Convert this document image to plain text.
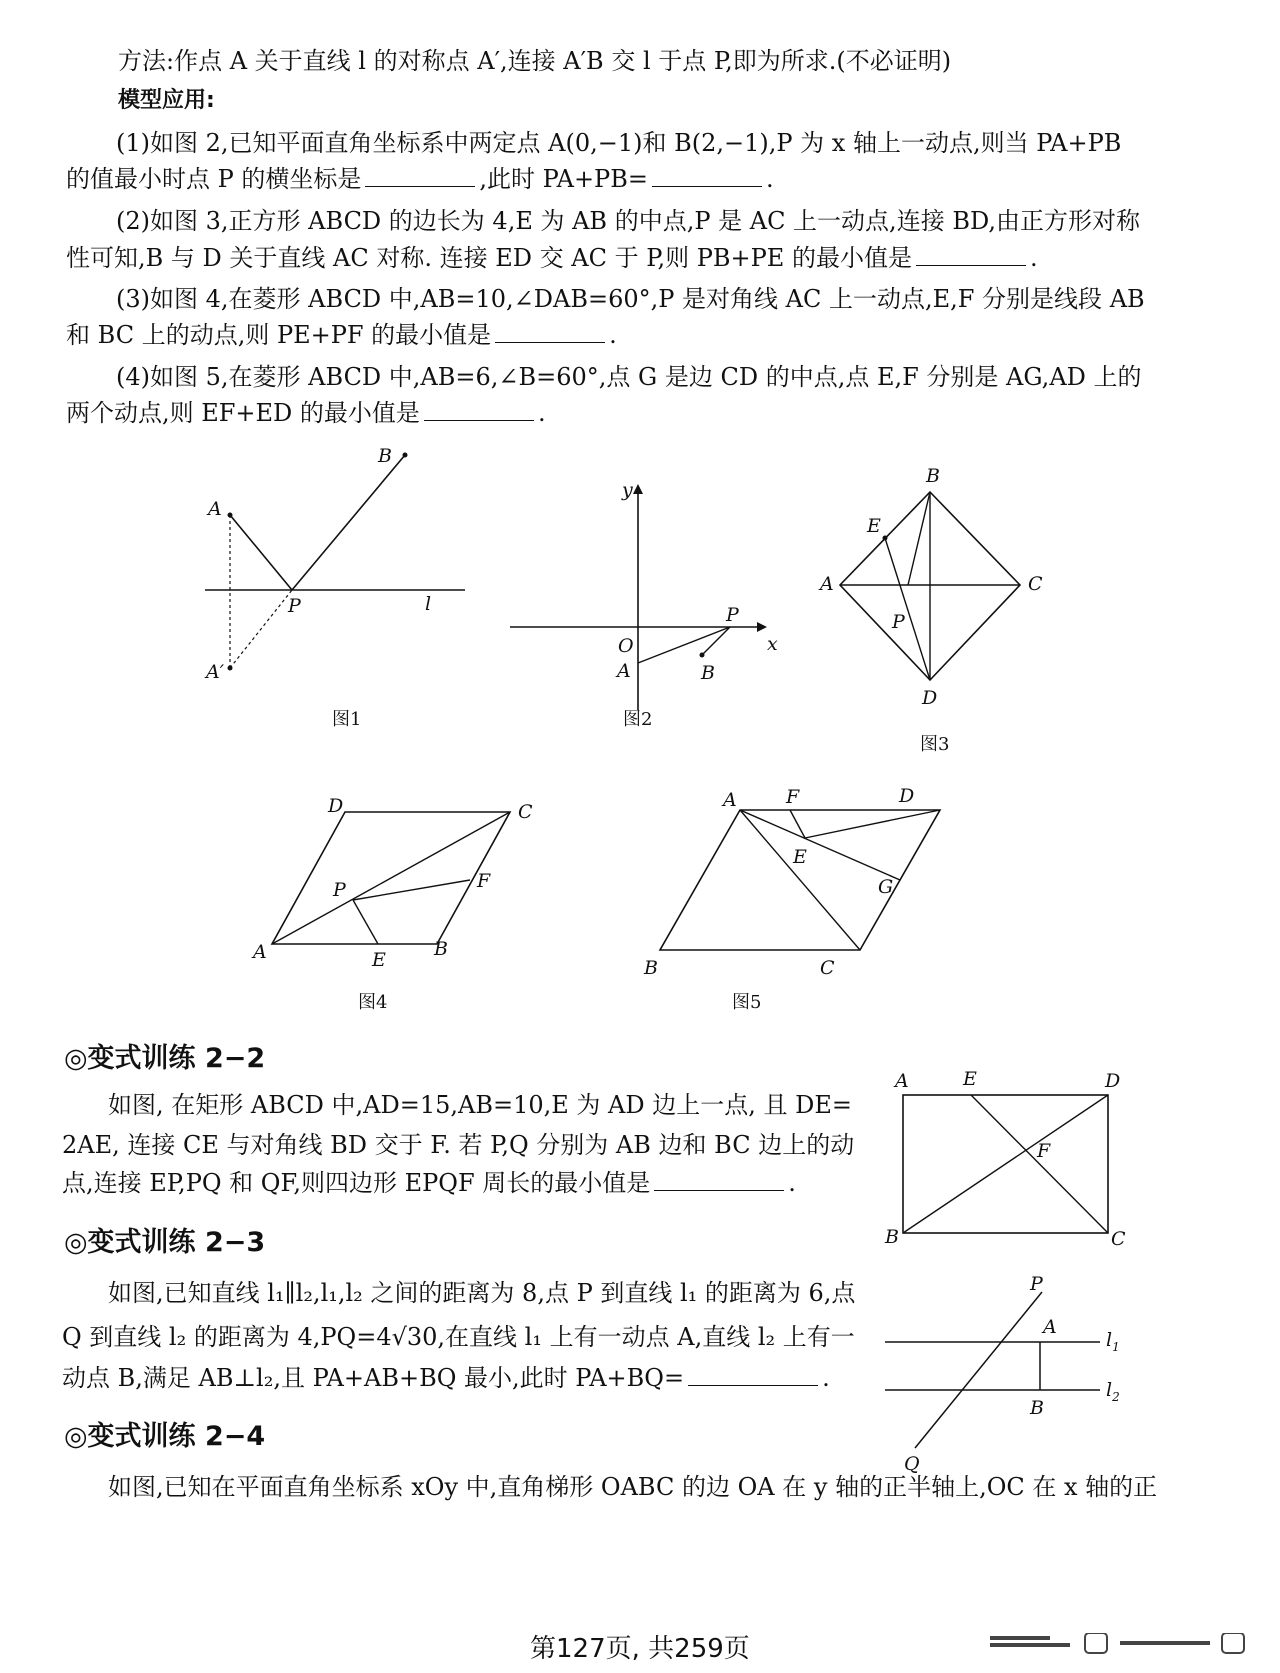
方法:作点 A 关于直线 l 的对称点 A′,连接 A′B 交 l 于点 P,即为所求.(不必证明)
模型应用:
(1)如图 2,已知平面直角坐标系中两定点 A(0,−1)和 B(2,−1),P 为 x 轴上一动点,则当 PA+PB
的值最小时点 P 的横坐标是	,此时 PA+PB=	.
(2)如图 3,正方形 ABCD 的边长为 4,E 为 AB 的中点,P 是 AC 上一动点,连接 BD,由正方形对称
性可知,B 与 D 关于直线 AC 对称. 连接 ED 交 AC 于 P,则 PB+PE 的最小值是	.
(3)如图 4,在菱形 ABCD 中,AB=10,∠DAB=60°,P 是对角线 AC 上一动点,E,F 分别是线段 AB
和 BC 上的动点,则 PE+PF 的最小值是	.
(4)如图 5,在菱形 ABCD 中,AB=6,∠B=60°,点 G 是边 CD 的中点,点 E,F 分别是 AG,AD 上的
两个动点,则 EF+ED 的最小值是	.
A
B
P	l
A′
图1
y
x
O
A	B
P
图2
B
C
A
D
E
P
图3
D	C
A	B
E
F
P
图4
A	F	D
E
G
B	C
图5
◎变式训练 2−2
如图, 在矩形 ABCD 中,AD=15,AB=10,E 为 AD 边上一点, 且 DE=
2AE, 连接 CE 与对角线 BD 交于 F. 若 P,Q 分别为 AB 边和 BC 边上的动
点,连接 EP,PQ 和 QF,则四边形 EPQF 周长的最小值是	.
A	E	D
F
B	C
◎变式训练 2−3
如图,已知直线 l₁∥l₂,l₁,l₂ 之间的距离为 8,点 P 到直线 l₁ 的距离为 6,点
Q 到直线 l₂ 的距离为 4,PQ=4√30,在直线 l₁ 上有一动点 A,直线 l₂ 上有一
动点 B,满足 AB⊥l₂,且 PA+AB+BQ 最小,此时 PA+BQ=	.
P
A
B
Q
$l_1$
$l_2$
◎变式训练 2−4
如图,已知在平面直角坐标系 xOy 中,直角梯形 OABC 的边 OA 在 y 轴的正半轴上,OC 在 x 轴的正
第127页, 共259页
